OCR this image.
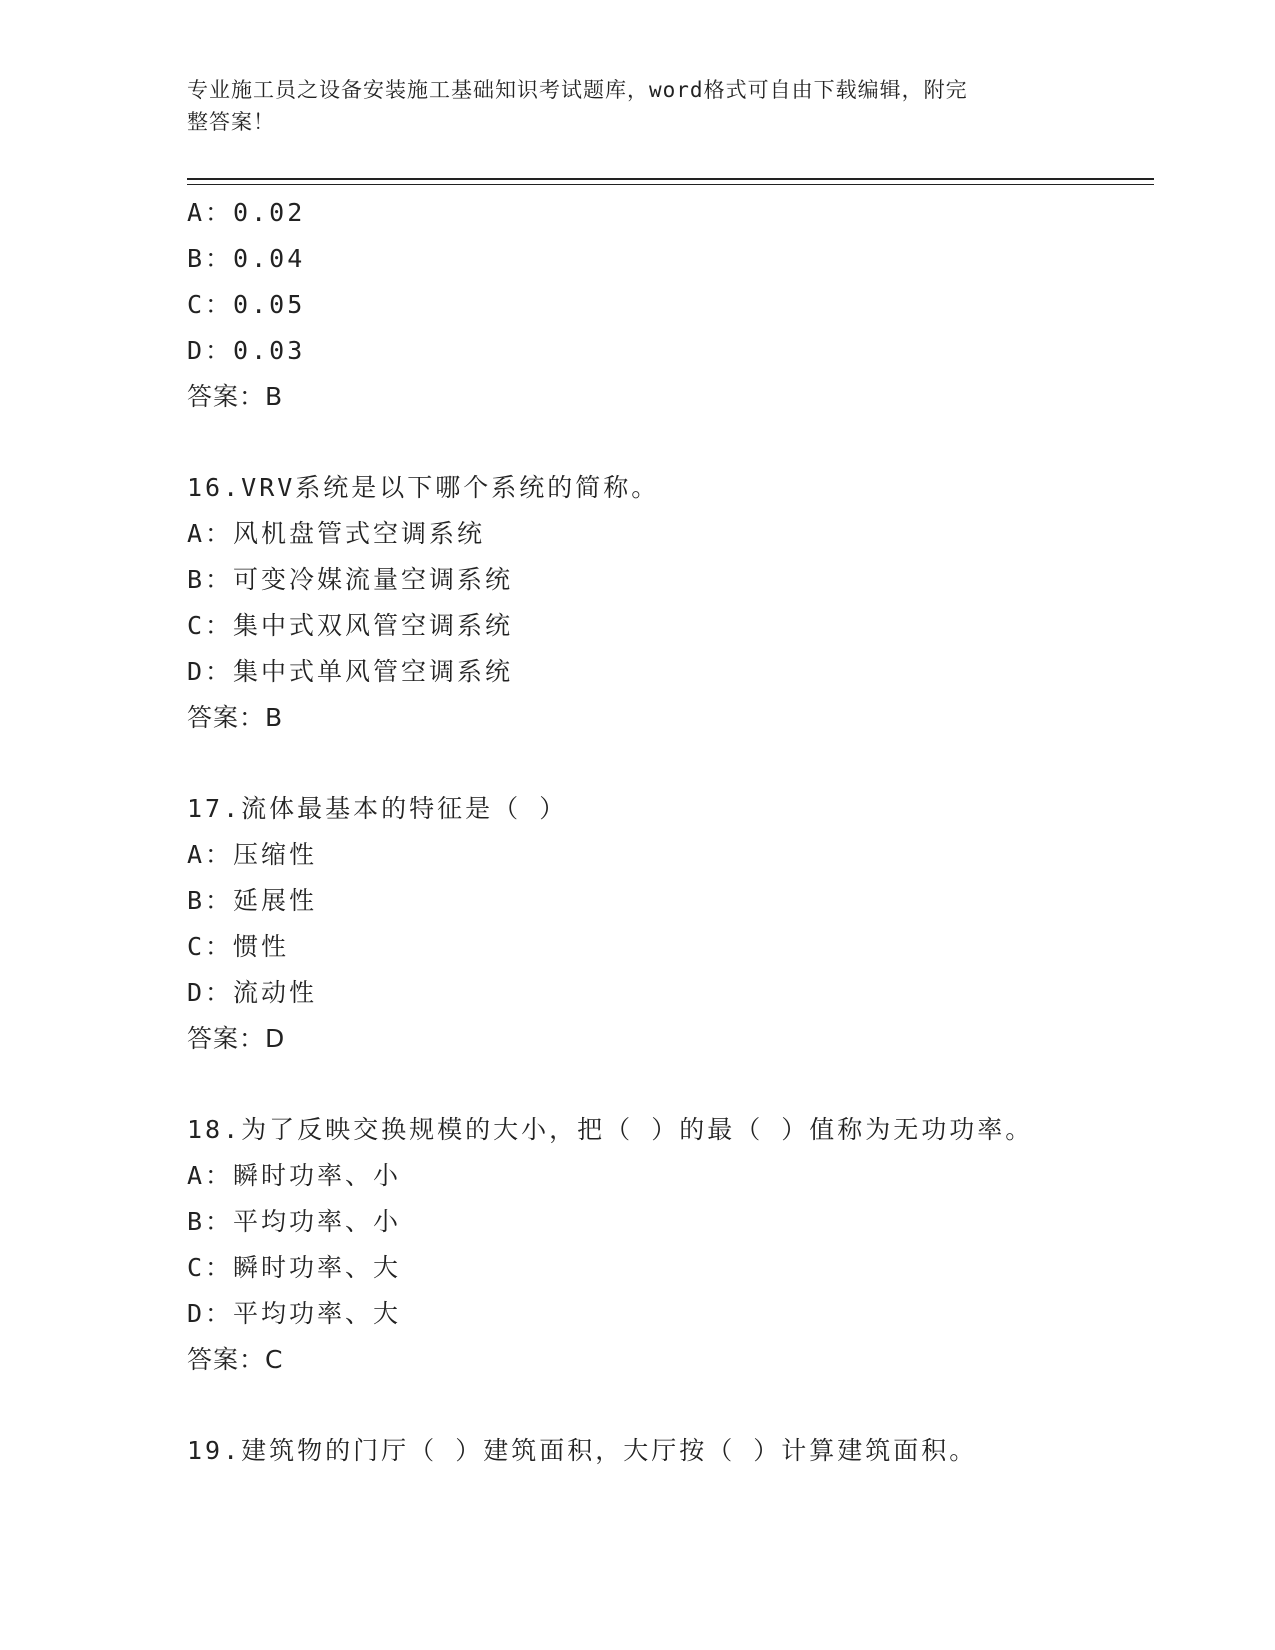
专业施工员之设备安装施工基础知识考试题库，word格式可自由下载编辑，附完
整答案！
A：0.02
B：0.04
C：0.05
D：0.03
答案：B
16.VRV系统是以下哪个系统的简称。
A：风机盘管式空调系统
B：可变冷媒流量空调系统
C：集中式双风管空调系统
D：集中式单风管空调系统
答案：B
17.流体最基本的特征是（ ）
A：压缩性
B：延展性
C：惯性
D：流动性
答案：D
18.为了反映交换规模的大小，把（ ）的最（ ）值称为无功功率。
A：瞬时功率、小
B：平均功率、小
C：瞬时功率、大
D：平均功率、大
答案：C
19.建筑物的门厅（ ）建筑面积，大厅按（ ）计算建筑面积。
